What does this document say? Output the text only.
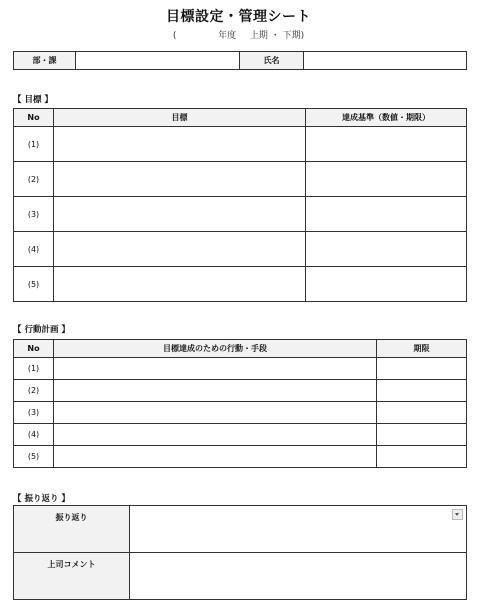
目標設定・管理シート
(	年度 上期 ・ 下期)
部・課		氏名	
【 目標 】
No	目標	達成基準（数値・期限）
(1)		
(2)		
(3)		
(4)		
(5)		
【 行動計画 】
No	目標達成のための行動・手段	期限
(1)		
(2)		
(3)		
(4)		
(5)		
【 振り返り 】
振り返り	

上司コメント	
